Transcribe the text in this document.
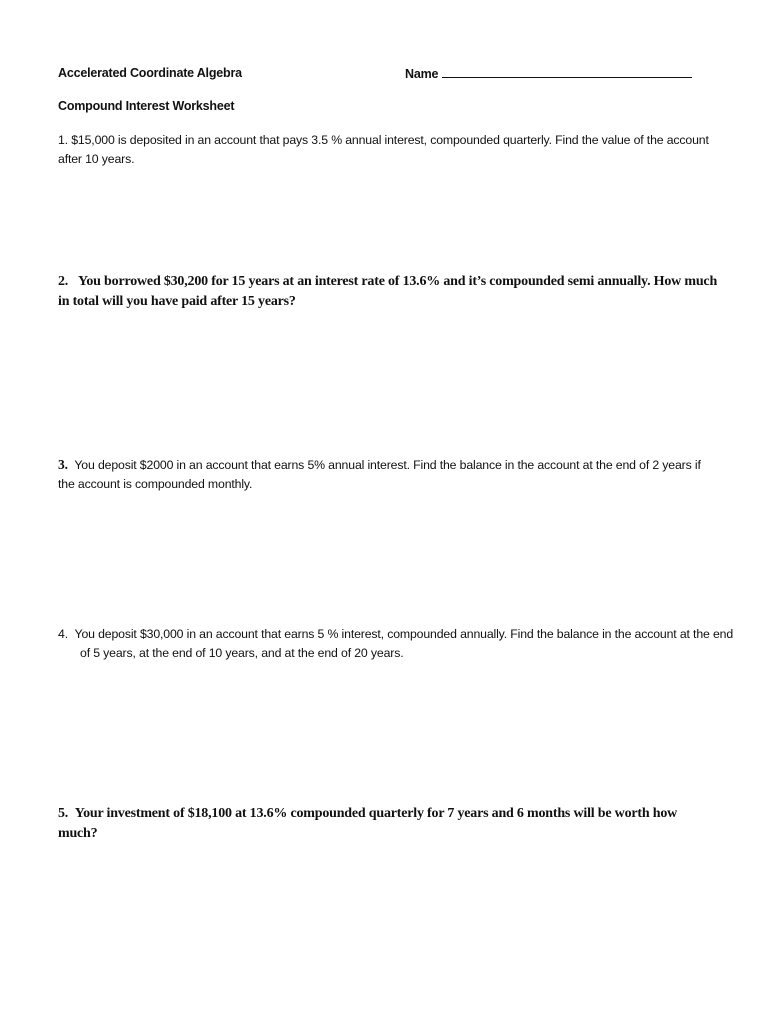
Accelerated Coordinate Algebra	Name
Compound Interest Worksheet
1. $15,000 is deposited in an account that pays 3.5 % annual interest, compounded quarterly. Find the value of the account after 10 years.
2. You borrowed $30,200 for 15 years at an interest rate of 13.6% and it’s compounded semi annually. How much in total will you have paid after 15 years?
3. You deposit $2000 in an account that earns 5% annual interest. Find the balance in the account at the end of 2 years if the account is compounded monthly.
4. You deposit $30,000 in an account that earns 5 % interest, compounded annually. Find the balance in the account at the end of 5 years, at the end of 10 years, and at the end of 20 years.
5. Your investment of $18,100 at 13.6% compounded quarterly for 7 years and 6 months will be worth how much?
